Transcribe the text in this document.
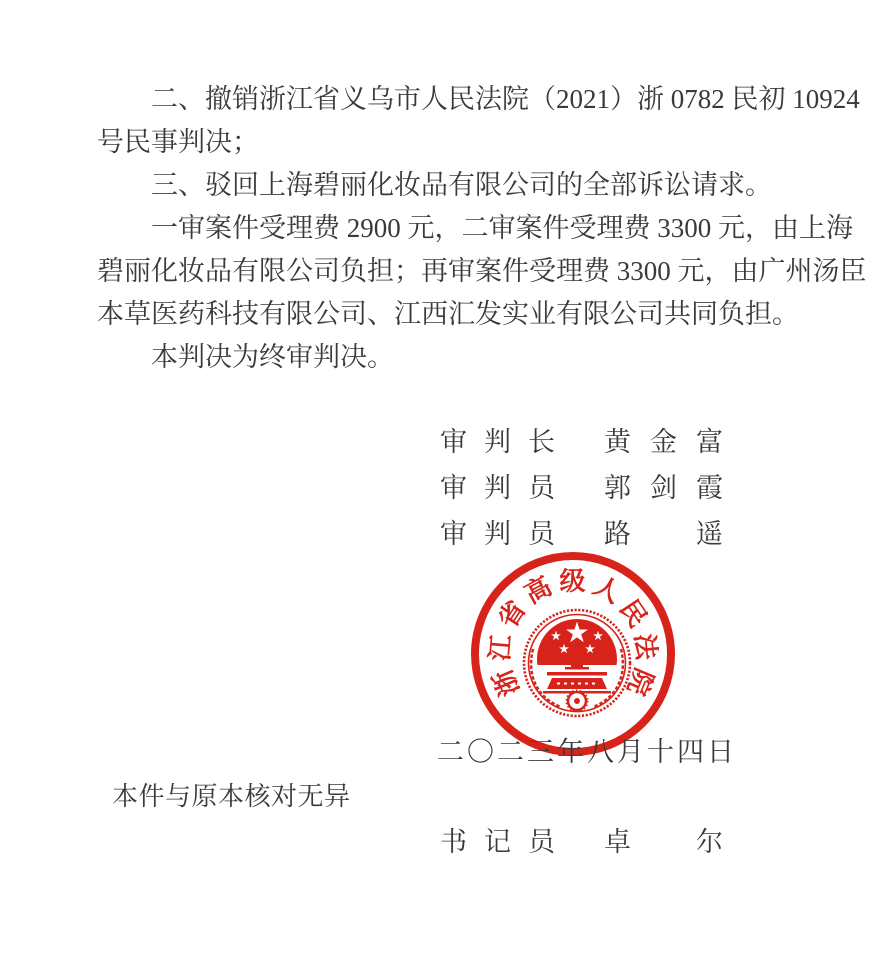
二、撤销浙江省义乌市人民法院（2021）浙 0782 民初 10924
号民事判决；
三、驳回上海碧丽化妆品有限公司的全部诉讼请求。
一审案件受理费 2900 元，二审案件受理费 3300 元，由上海
碧丽化妆品有限公司负担；再审案件受理费 3300 元，由广州汤臣
本草医药科技有限公司、江西汇发实业有限公司共同负担。
本判决为终审判决。
审判长 黄金富
审判员 郭剑霞
审判员 路　遥
浙江省高级人民法院
二〇二三年八月十四日
本件与原本核对无异
书记员 卓　尔
